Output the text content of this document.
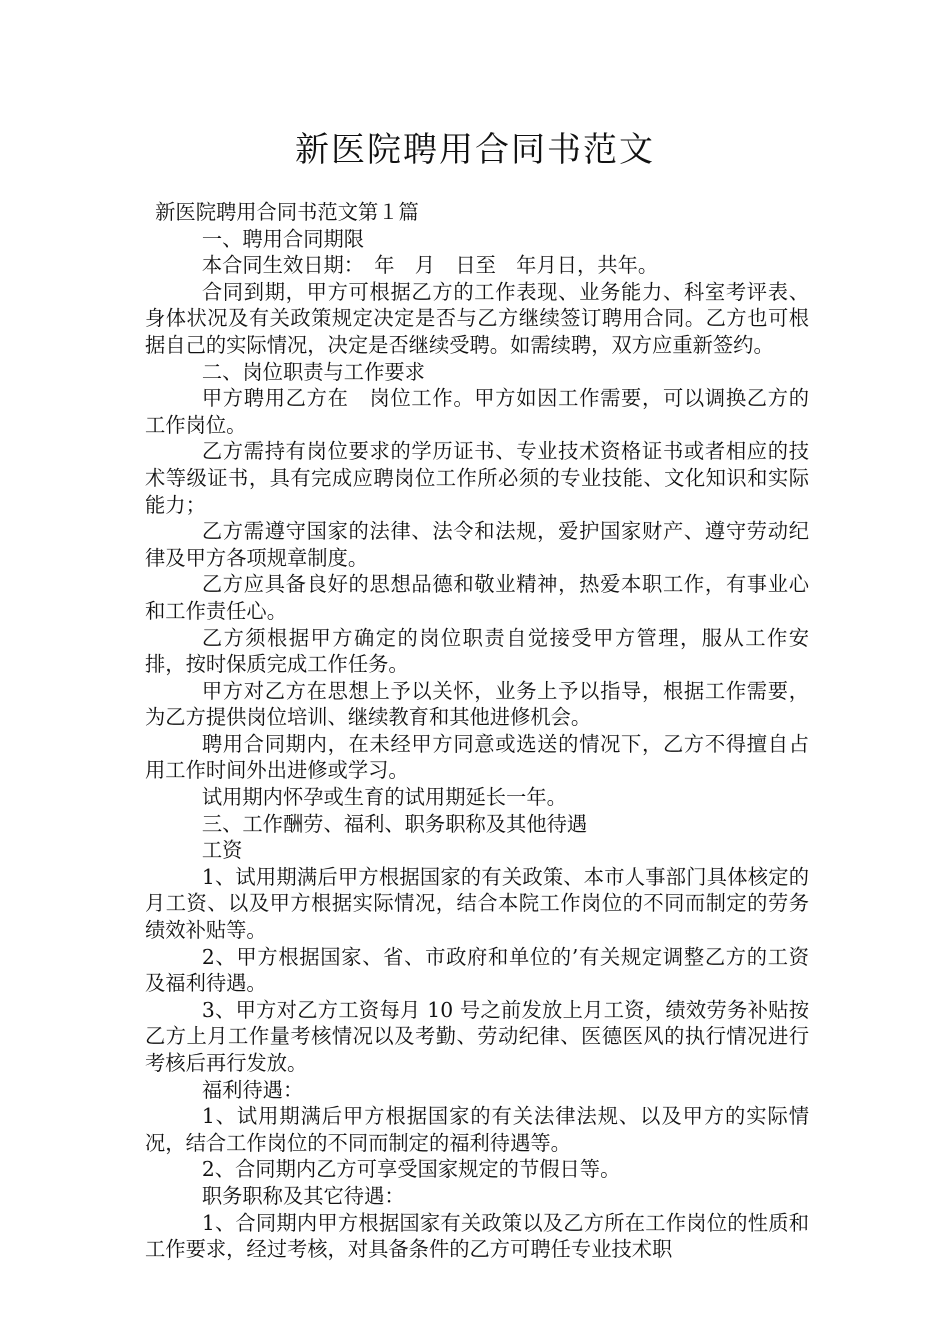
新医院聘用合同书范文

新医院聘用合同书范文第１篇

一、聘用合同期限

本合同生效日期：　年　月　日至　年月日，共年。

合同到期，甲方可根据乙方的工作表现、业务能力、科室考评表、身体状况及有关政策规定决定是否与乙方继续签订聘用合同。乙方也可根据自己的实际情况，决定是否继续受聘。如需续聘，双方应重新签约。

二、岗位职责与工作要求

甲方聘用乙方在　岗位工作。甲方如因工作需要，可以调换乙方的工作岗位。

乙方需持有岗位要求的学历证书、专业技术资格证书或者相应的技术等级证书，具有完成应聘岗位工作所必须的专业技能、文化知识和实际能力；

乙方需遵守国家的法律、法令和法规，爱护国家财产、遵守劳动纪律及甲方各项规章制度。

乙方应具备良好的思想品德和敬业精神，热爱本职工作，有事业心和工作责任心。

乙方须根据甲方确定的岗位职责自觉接受甲方管理，服从工作安排，按时保质完成工作任务。

甲方对乙方在思想上予以关怀，业务上予以指导，根据工作需要，为乙方提供岗位培训、继续教育和其他进修机会。

聘用合同期内，在未经甲方同意或选送的情况下，乙方不得擅自占用工作时间外出进修或学习。

试用期内怀孕或生育的试用期延长一年。

三、工作酬劳、福利、职务职称及其他待遇

工资

1、试用期满后甲方根据国家的有关政策、本市人事部门具体核定的月工资、以及甲方根据实际情况，结合本院工作岗位的不同而制定的劳务绩效补贴等。

2、甲方根据国家、省、市政府和单位的’有关规定调整乙方的工资及福利待遇。

3、甲方对乙方工资每月 10 号之前发放上月工资，绩效劳务补贴按乙方上月工作量考核情况以及考勤、劳动纪律、医德医风的执行情况进行考核后再行发放。

福利待遇：

1、试用期满后甲方根据国家的有关法律法规、以及甲方的实际情况，结合工作岗位的不同而制定的福利待遇等。

2、合同期内乙方可享受国家规定的节假日等。

职务职称及其它待遇：

1、合同期内甲方根据国家有关政策以及乙方所在工作岗位的性质和工作要求，经过考核，对具备条件的乙方可聘任专业技术职
